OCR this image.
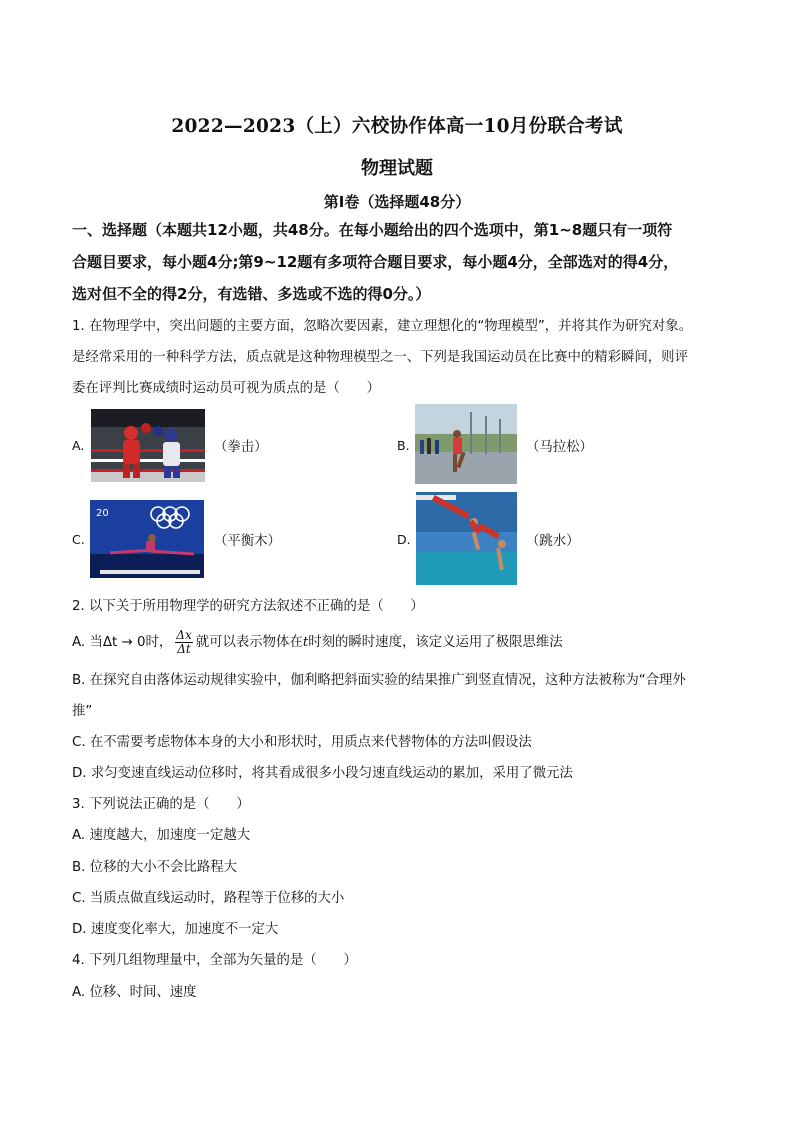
2022—2023（上）六校协作体高一10月份联合考试
物理试题
第Ⅰ卷（选择题48分）
一、选择题（本题共12小题，共48分。在每小题给出的四个选项中，第1~8题只有一项符
合题目要求，每小题4分;第9~12题有多项符合题目要求，每小题4分，全部选对的得4分，
选对但不全的得2分，有选错、多选或不选的得0分。）
1. 在物理学中，突出问题的主要方面，忽略次要因素，建立理想化的“物理模型”，并将其作为研究对象。
是经常采用的一种科学方法，质点就是这种物理模型之一、下列是我国运动员在比赛中的精彩瞬间，则评
委在评判比赛成绩时运动员可视为质点的是（　　）
A.	（拳击）	B.	（马拉松）
C.
20
（平衡木）	D.	（跳水）
2. 以下关于所用物理学的研究方法叙述不正确的是（　　）
A. 当Δt → 0时， $\frac{\Delta x}{\Delta t}$ 就可以表示物体在t时刻的瞬时速度，该定义运用了极限思维法
B. 在探究自由落体运动规律实验中，伽利略把斜面实验的结果推广到竖直情况，这种方法被称为“合理外
推”
C. 在不需要考虑物体本身的大小和形状时，用质点来代替物体的方法叫假设法
D. 求匀变速直线运动位移时，将其看成很多小段匀速直线运动的累加，采用了微元法
3. 下列说法正确的是（　　）
A. 速度越大，加速度一定越大
B. 位移的大小不会比路程大
C. 当质点做直线运动时，路程等于位移的大小
D. 速度变化率大，加速度不一定大
4. 下列几组物理量中，全部为矢量的是（　　）
A. 位移、时间、速度
